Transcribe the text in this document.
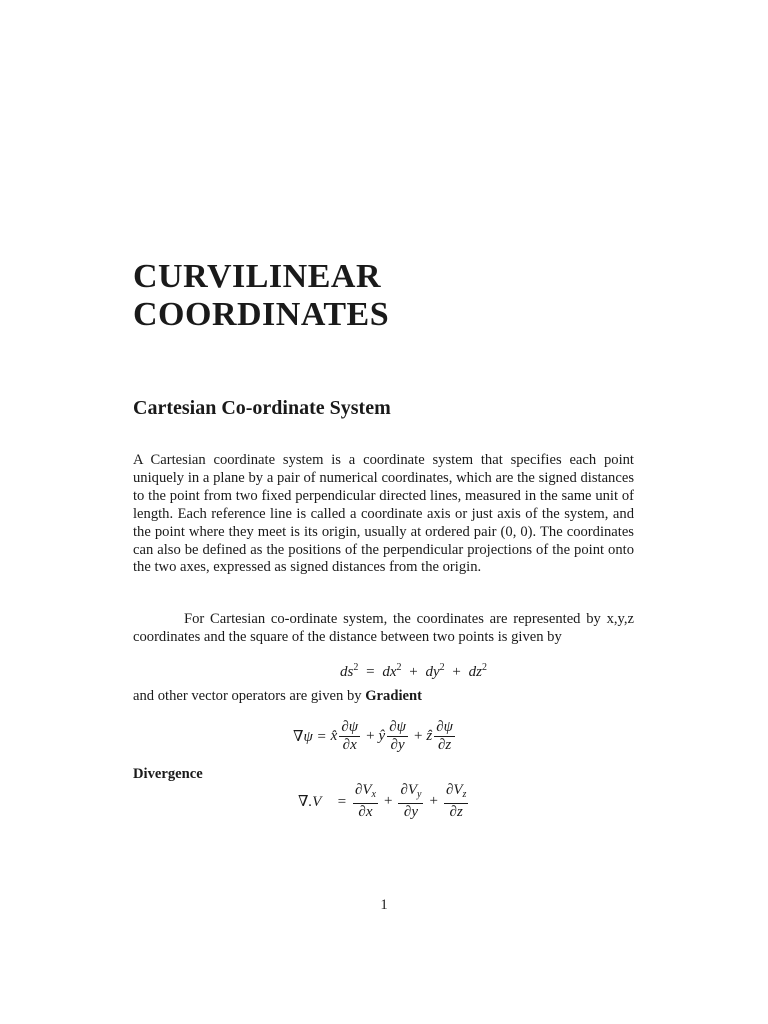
CURVILINEAR
COORDINATES
Cartesian Co-ordinate System

A Cartesian coordinate system is a coordinate system that specifies each point uniquely in a plane by a pair of numerical coordinates, which are the signed distances to the point from two fixed perpendicular directed lines, measured in the same unit of length. Each reference line is called a coordinate axis or just axis of the system, and the point where they meet is its origin, usually at ordered pair (0, 0). The coordinates can also be defined as the positions of the perpendicular projections of the point onto the two axes, expressed as signed distances from the origin.

For Cartesian co-ordinate system, the coordinates are represented by x,y,z coordinates and the square of the distance between two points is given by

$ds^2 = dx^2 + dy^2 + dz^2$

and other vector operators are given by Gradient

∇ψ = x̂ $\frac{\partial\psi}{\partial x}$ + ŷ $\frac{\partial\psi}{\partial y}$ + ẑ $\frac{\partial\psi}{\partial z}$

Divergence

∇.V⃗ = $\frac{\partial V_x}{\partial x} + \frac{\partial V_y}{\partial y} + \frac{\partial V_z}{\partial z}$
1
